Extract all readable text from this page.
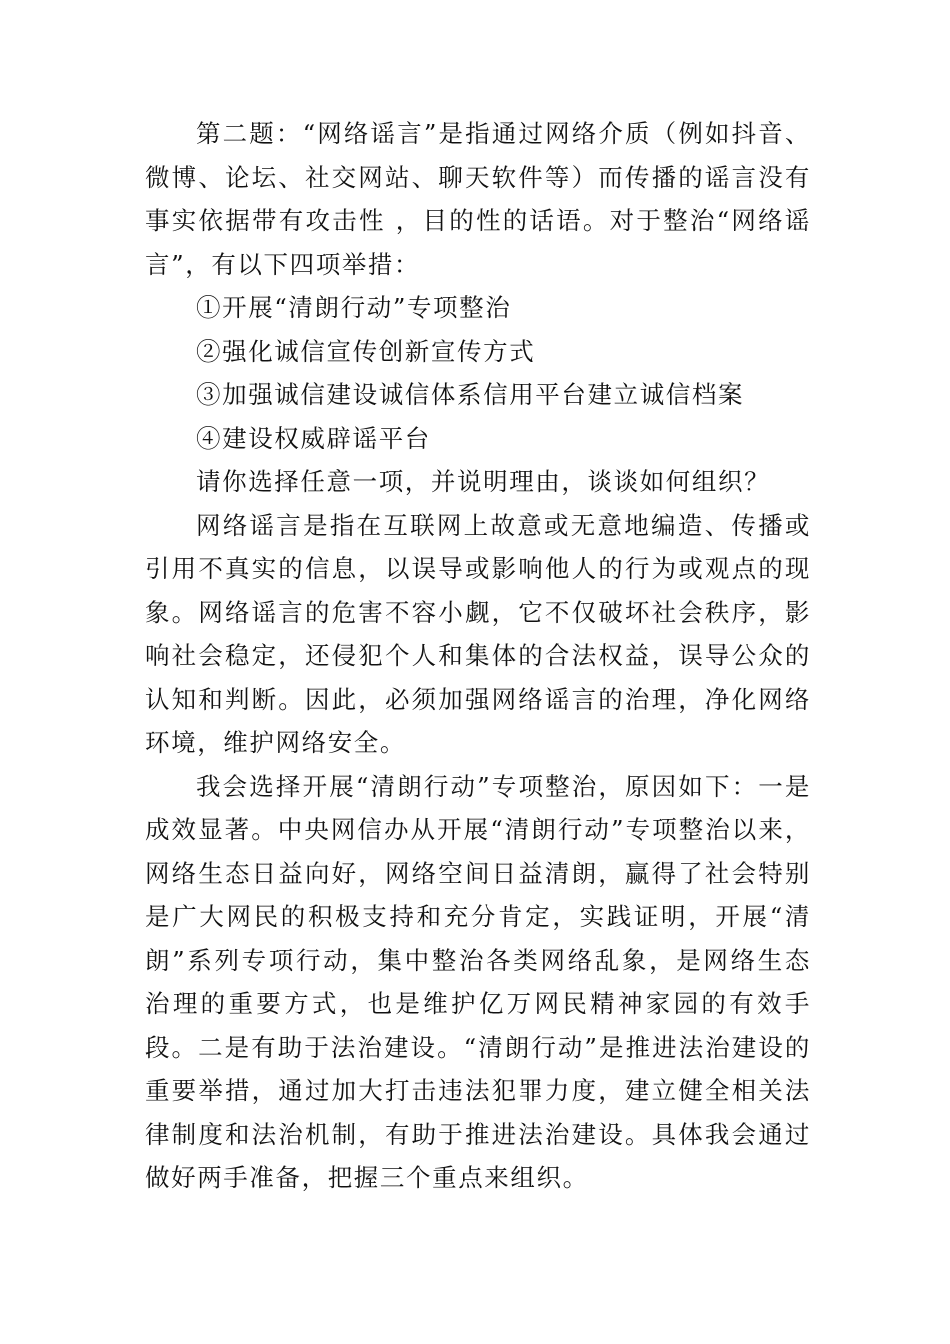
第二题：“网络谣言”是指通过网络介质（例如抖音、微博、论坛、社交网站、聊天软件等）而传播的谣言没有事实依据带有攻击性 ，目的性的话语。对于整治“网络谣言”，有以下四项举措：

①开展“清朗行动”专项整治

②强化诚信宣传创新宣传方式

③加强诚信建设诚信体系信用平台建立诚信档案

④建设权威辟谣平台

请你选择任意一项，并说明理由，谈谈如何组织？

网络谣言是指在互联网上故意或无意地编造、传播或引用不真实的信息，以误导或影响他人的行为或观点的现象。网络谣言的危害不容小觑，它不仅破坏社会秩序，影响社会稳定，还侵犯个人和集体的合法权益，误导公众的认知和判断。因此，必须加强网络谣言的治理，净化网络环境，维护网络安全。

我会选择开展“清朗行动”专项整治，原因如下：一是成效显著。中央网信办从开展“清朗行动”专项整治以来，网络生态日益向好，网络空间日益清朗，赢得了社会特别是广大网民的积极支持和充分肯定，实践证明，开展“清朗”系列专项行动，集中整治各类网络乱象，是网络生态治理的重要方式，也是维护亿万网民精神家园的有效手段。二是有助于法治建设。“清朗行动”是推进法治建设的重要举措，通过加大打击违法犯罪力度，建立健全相关法律制度和法治机制，有助于推进法治建设。具体我会通过做好两手准备，把握三个重点来组织。
